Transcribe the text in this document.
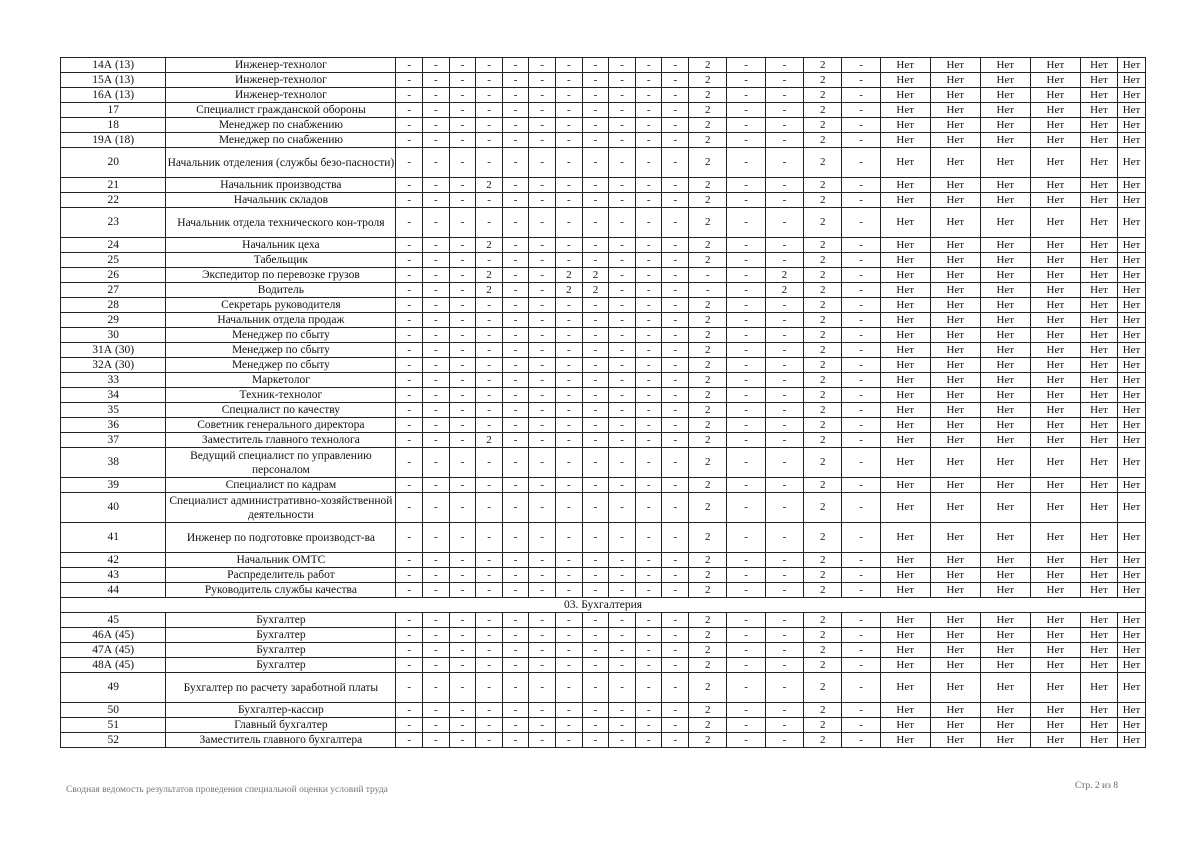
14А (13)	Инженер-технолог	-	-	-	-	-	-	-	-	-	-	-	2	-	-	2	-	Нет	Нет	Нет	Нет	Нет	Нет
15А (13)	Инженер-технолог	-	-	-	-	-	-	-	-	-	-	-	2	-	-	2	-	Нет	Нет	Нет	Нет	Нет	Нет
16А (13)	Инженер-технолог	-	-	-	-	-	-	-	-	-	-	-	2	-	-	2	-	Нет	Нет	Нет	Нет	Нет	Нет
17	Специалист гражданской обороны	-	-	-	-	-	-	-	-	-	-	-	2	-	-	2	-	Нет	Нет	Нет	Нет	Нет	Нет
18	Менеджер по снабжению	-	-	-	-	-	-	-	-	-	-	-	2	-	-	2	-	Нет	Нет	Нет	Нет	Нет	Нет
19А (18)	Менеджер по снабжению	-	-	-	-	-	-	-	-	-	-	-	2	-	-	2	-	Нет	Нет	Нет	Нет	Нет	Нет
20	Начальник отделения (службы безо-пасности)	-	-	-	-	-	-	-	-	-	-	-	2	-	-	2	-	Нет	Нет	Нет	Нет	Нет	Нет
21	Начальник производства	-	-	-	2	-	-	-	-	-	-	-	2	-	-	2	-	Нет	Нет	Нет	Нет	Нет	Нет
22	Начальник складов	-	-	-	-	-	-	-	-	-	-	-	2	-	-	2	-	Нет	Нет	Нет	Нет	Нет	Нет
23	Начальник отдела технического кон-троля	-	-	-	-	-	-	-	-	-	-	-	2	-	-	2	-	Нет	Нет	Нет	Нет	Нет	Нет
24	Начальник цеха	-	-	-	2	-	-	-	-	-	-	-	2	-	-	2	-	Нет	Нет	Нет	Нет	Нет	Нет
25	Табельщик	-	-	-	-	-	-	-	-	-	-	-	2	-	-	2	-	Нет	Нет	Нет	Нет	Нет	Нет
26	Экспедитор по перевозке грузов	-	-	-	2	-	-	2	2	-	-	-	-	-	2	2	-	Нет	Нет	Нет	Нет	Нет	Нет
27	Водитель	-	-	-	2	-	-	2	2	-	-	-	-	-	2	2	-	Нет	Нет	Нет	Нет	Нет	Нет
28	Секретарь руководителя	-	-	-	-	-	-	-	-	-	-	-	2	-	-	2	-	Нет	Нет	Нет	Нет	Нет	Нет
29	Начальник отдела продаж	-	-	-	-	-	-	-	-	-	-	-	2	-	-	2	-	Нет	Нет	Нет	Нет	Нет	Нет
30	Менеджер по сбыту	-	-	-	-	-	-	-	-	-	-	-	2	-	-	2	-	Нет	Нет	Нет	Нет	Нет	Нет
31А (30)	Менеджер по сбыту	-	-	-	-	-	-	-	-	-	-	-	2	-	-	2	-	Нет	Нет	Нет	Нет	Нет	Нет
32А (30)	Менеджер по сбыту	-	-	-	-	-	-	-	-	-	-	-	2	-	-	2	-	Нет	Нет	Нет	Нет	Нет	Нет
33	Маркетолог	-	-	-	-	-	-	-	-	-	-	-	2	-	-	2	-	Нет	Нет	Нет	Нет	Нет	Нет
34	Техник-технолог	-	-	-	-	-	-	-	-	-	-	-	2	-	-	2	-	Нет	Нет	Нет	Нет	Нет	Нет
35	Специалист по качеству	-	-	-	-	-	-	-	-	-	-	-	2	-	-	2	-	Нет	Нет	Нет	Нет	Нет	Нет
36	Советник генерального директора	-	-	-	-	-	-	-	-	-	-	-	2	-	-	2	-	Нет	Нет	Нет	Нет	Нет	Нет
37	Заместитель главного технолога	-	-	-	2	-	-	-	-	-	-	-	2	-	-	2	-	Нет	Нет	Нет	Нет	Нет	Нет
38	Ведущий специалист по управлению персоналом	-	-	-	-	-	-	-	-	-	-	-	2	-	-	2	-	Нет	Нет	Нет	Нет	Нет	Нет
39	Специалист по кадрам	-	-	-	-	-	-	-	-	-	-	-	2	-	-	2	-	Нет	Нет	Нет	Нет	Нет	Нет
40	Специалист административно-хозяйственной деятельности	-	-	-	-	-	-	-	-	-	-	-	2	-	-	2	-	Нет	Нет	Нет	Нет	Нет	Нет
41	Инженер по подготовке производст-ва	-	-	-	-	-	-	-	-	-	-	-	2	-	-	2	-	Нет	Нет	Нет	Нет	Нет	Нет
42	Начальник ОМТС	-	-	-	-	-	-	-	-	-	-	-	2	-	-	2	-	Нет	Нет	Нет	Нет	Нет	Нет
43	Распределитель работ	-	-	-	-	-	-	-	-	-	-	-	2	-	-	2	-	Нет	Нет	Нет	Нет	Нет	Нет
44	Руководитель службы качества	-	-	-	-	-	-	-	-	-	-	-	2	-	-	2	-	Нет	Нет	Нет	Нет	Нет	Нет
03. Бухгалтерия																							
45	Бухгалтер	-	-	-	-	-	-	-	-	-	-	-	2	-	-	2	-	Нет	Нет	Нет	Нет	Нет	Нет
46А (45)	Бухгалтер	-	-	-	-	-	-	-	-	-	-	-	2	-	-	2	-	Нет	Нет	Нет	Нет	Нет	Нет
47А (45)	Бухгалтер	-	-	-	-	-	-	-	-	-	-	-	2	-	-	2	-	Нет	Нет	Нет	Нет	Нет	Нет
48А (45)	Бухгалтер	-	-	-	-	-	-	-	-	-	-	-	2	-	-	2	-	Нет	Нет	Нет	Нет	Нет	Нет
49	Бухгалтер по расчету заработной платы	-	-	-	-	-	-	-	-	-	-	-	2	-	-	2	-	Нет	Нет	Нет	Нет	Нет	Нет
50	Бухгалтер-кассир	-	-	-	-	-	-	-	-	-	-	-	2	-	-	2	-	Нет	Нет	Нет	Нет	Нет	Нет
51	Главный бухгалтер	-	-	-	-	-	-	-	-	-	-	-	2	-	-	2	-	Нет	Нет	Нет	Нет	Нет	Нет
52	Заместитель главного бухгалтера	-	-	-	-	-	-	-	-	-	-	-	2	-	-	2	-	Нет	Нет	Нет	Нет	Нет	Нет
Сводная ведомость результатов проведения специальной оценки условий труда	Стр. 2 из 8
